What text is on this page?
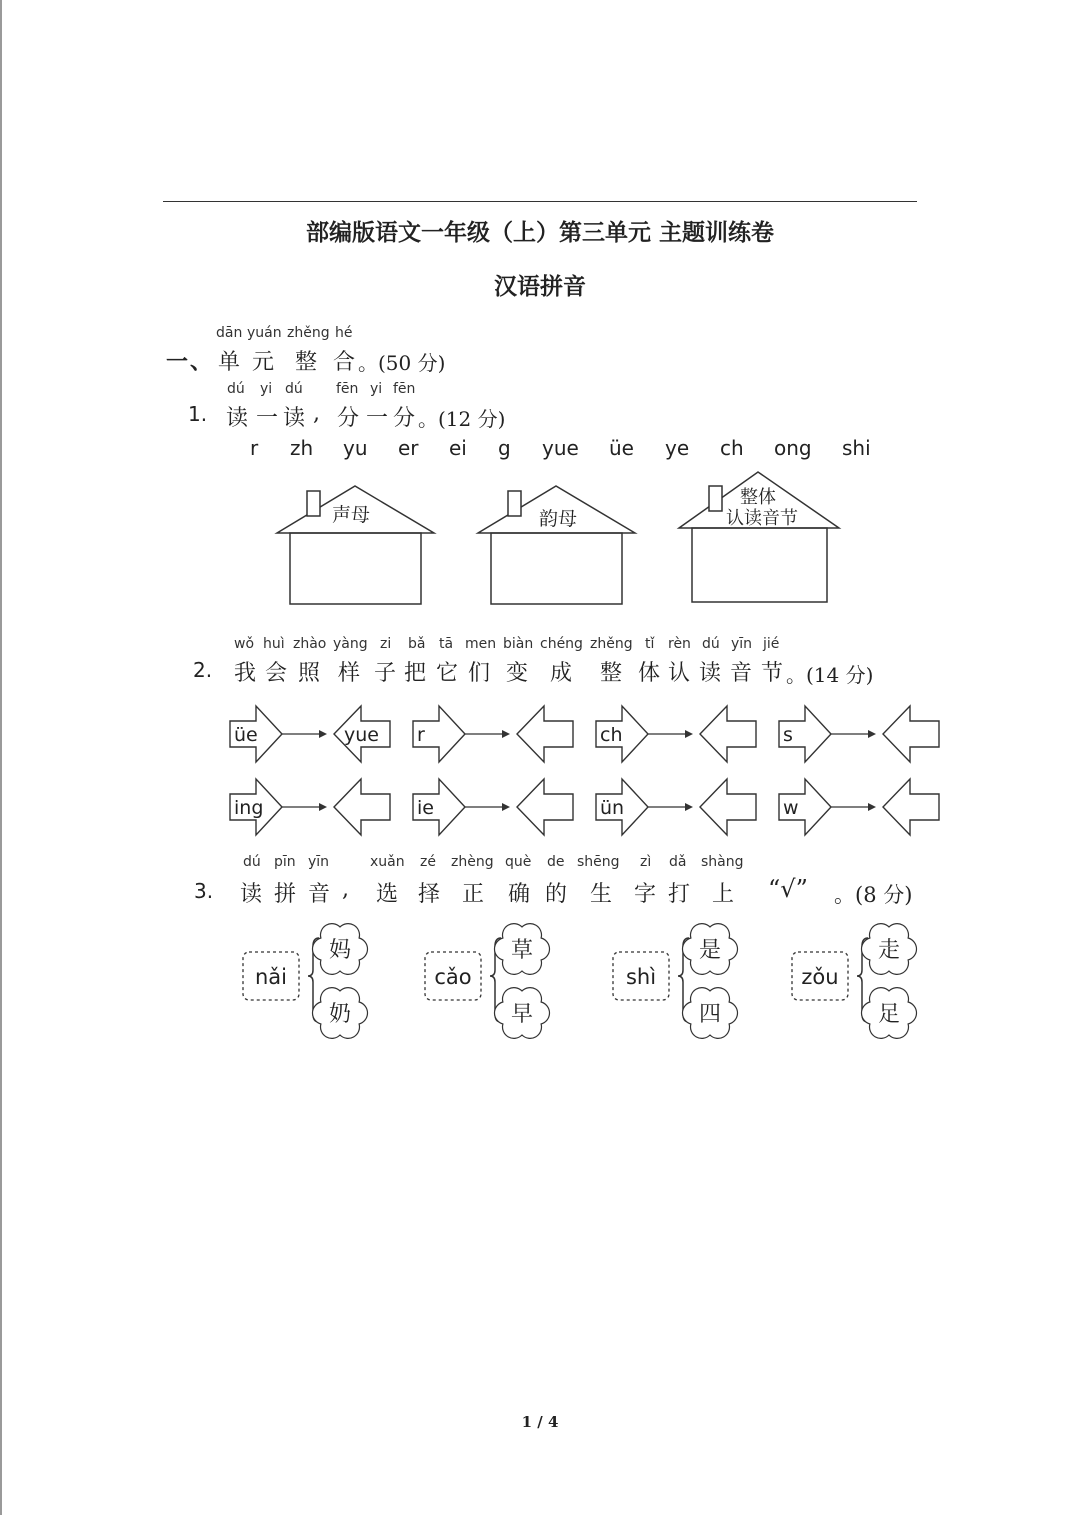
部编版语文一年级（上）第三单元 主题训练卷
汉语拼音
一、
dān yuán zhěng hé
单 元 整 合 。(50 分)
dú yi dú fēn yi fēn
1. 读 一 读 , 分 一 分 。(12 分)
r zh yu er ei g yue üe ye ch ong shi
声母	韵母
整体
认读音节
wǒ huì zhào yàng zi bǎ tā men biàn chéng zhěng tǐ rèn dú yīn jié
2. 我 会 照 样 子 把 它 们 变 成 整 体 认 读 音 节 。(14 分)
üe	yue r	ch	s
ing	ie	ün	w
dú pīn yīn	xuǎn zé zhèng què de shēng zì dǎ shàng
3. 读 拼 音 , 选 择 正 确 的 生 字 打 上 “√” 。(8 分)
nǎi
妈
奶
cǎo
草
早
shì
是
四
zǒu
走
足
1 / 4
